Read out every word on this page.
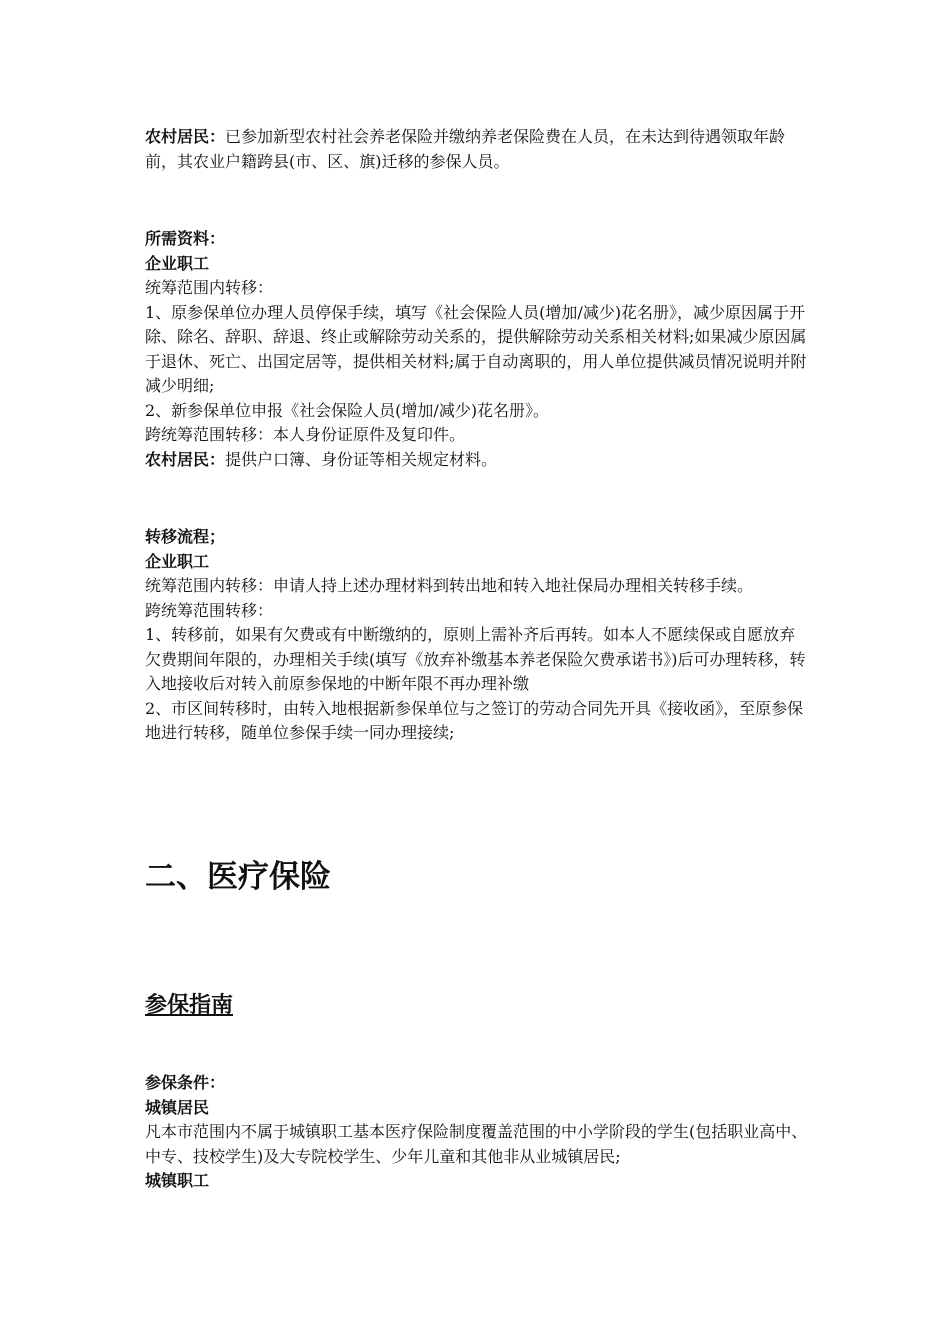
农村居民：已参加新型农村社会养老保险并缴纳养老保险费在人员，在未达到待遇领取年龄前，其农业户籍跨县(市、区、旗)迁移的参保人员。

所需资料：

企业职工

统筹范围内转移：

1、原参保单位办理人员停保手续，填写《社会保险人员(增加/减少)花名册》，减少原因属于开除、除名、辞职、辞退、终止或解除劳动关系的，提供解除劳动关系相关材料;如果减少原因属于退休、死亡、出国定居等，提供相关材料;属于自动离职的，用人单位提供减员情况说明并附减少明细;

2、新参保单位申报《社会保险人员(增加/减少)花名册》。

跨统筹范围转移：本人身份证原件及复印件。

农村居民：提供户口簿、身份证等相关规定材料。

转移流程；

企业职工

统筹范围内转移：申请人持上述办理材料到转出地和转入地社保局办理相关转移手续。

跨统筹范围转移：

1、转移前，如果有欠费或有中断缴纳的，原则上需补齐后再转。如本人不愿续保或自愿放弃欠费期间年限的，办理相关手续(填写《放弃补缴基本养老保险欠费承诺书》)后可办理转移，转入地接收后对转入前原参保地的中断年限不再办理补缴

2、市区间转移时，由转入地根据新参保单位与之签订的劳动合同先开具《接收函》，至原参保地进行转移，随单位参保手续一同办理接续;

二、医疗保险

参保指南

参保条件：

城镇居民

凡本市范围内不属于城镇职工基本医疗保险制度覆盖范围的中小学阶段的学生(包括职业高中、中专、技校学生)及大专院校学生、少年儿童和其他非从业城镇居民;

城镇职工
